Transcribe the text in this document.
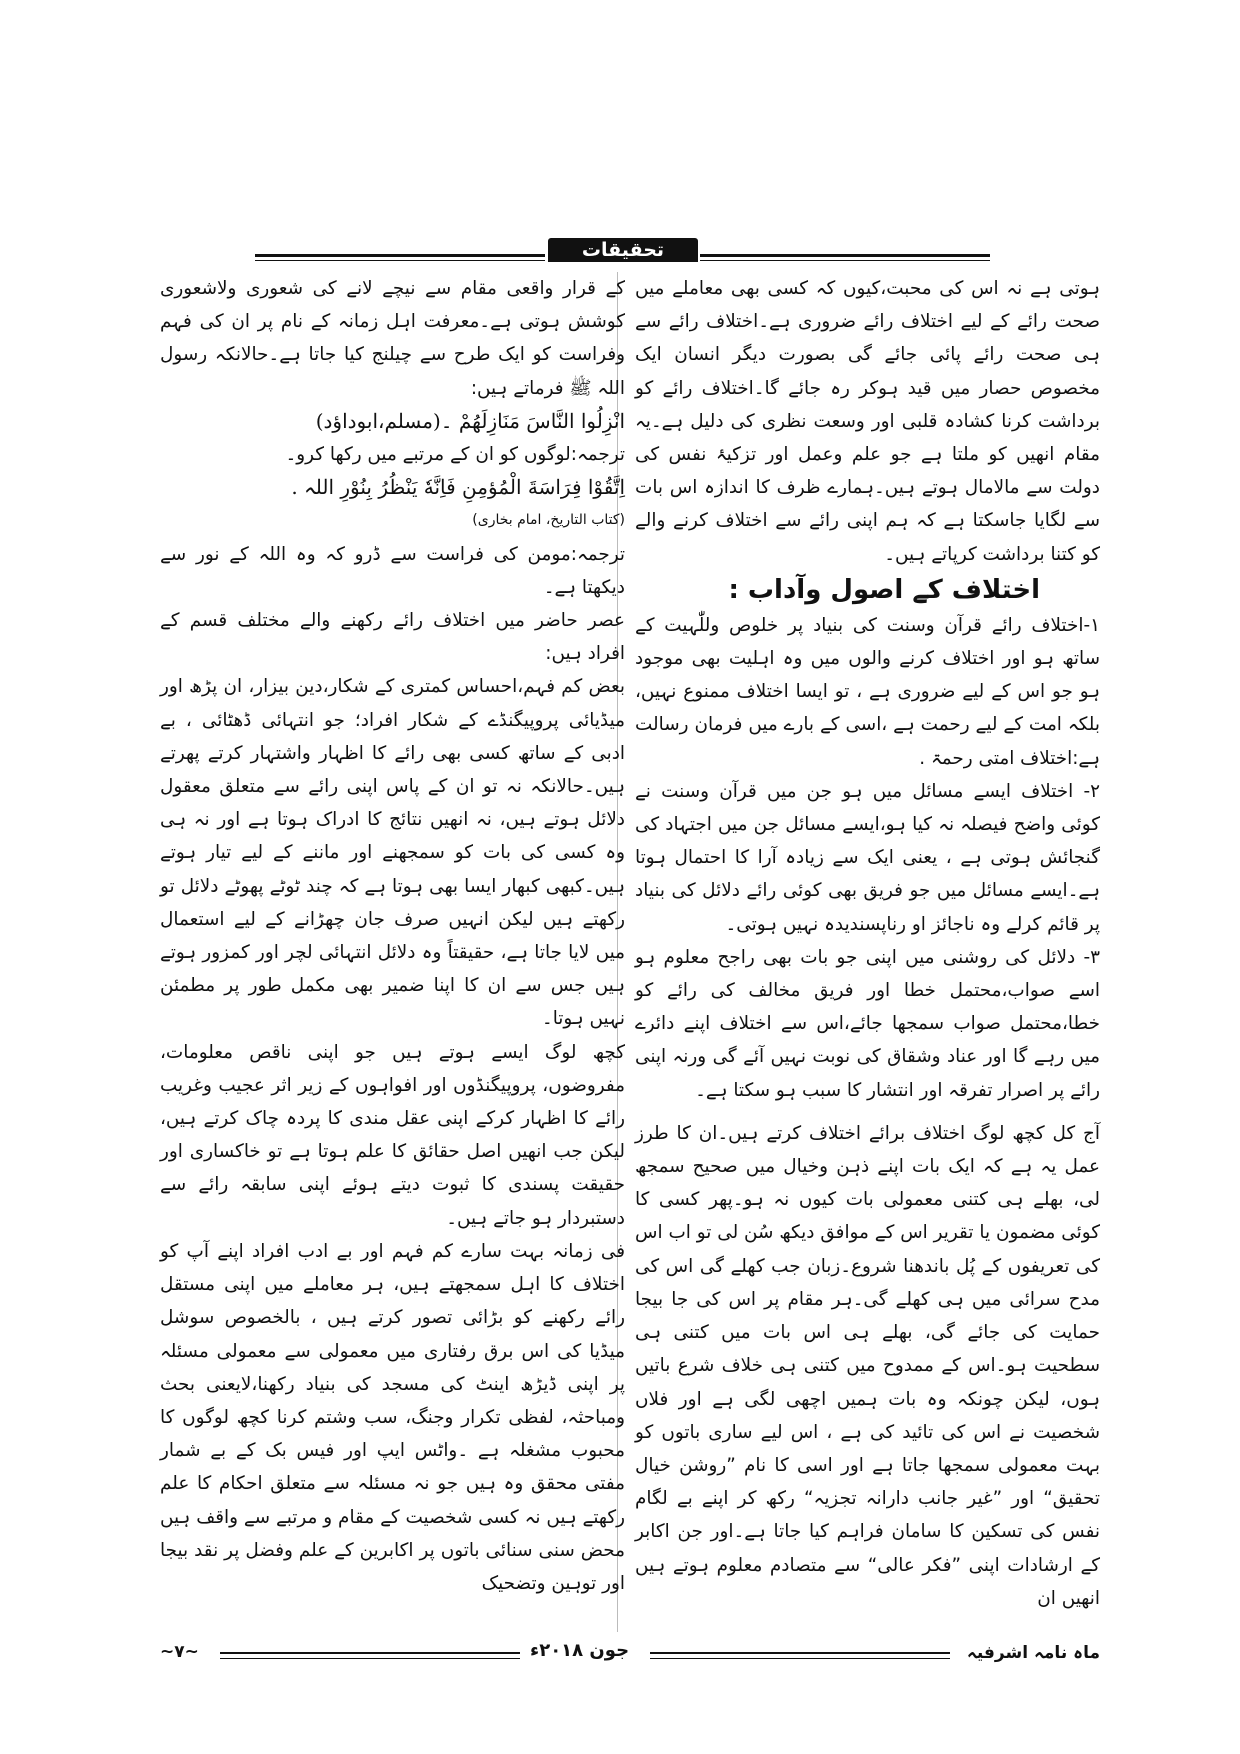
تحقیقات

ہوتی ہے نہ اس کی محبت،کیوں کہ کسی بھی معاملے میں صحت رائے کے لیے اختلاف رائے ضروری ہے۔اختلاف رائے سے ہی صحت رائے پائی جائے گی بصورت دیگر انسان ایک مخصوص حصار میں قید ہوکر رہ جائے گا۔اختلاف رائے کو برداشت کرنا کشادہ قلبی اور وسعت نظری کی دلیل ہے۔یہ مقام انھیں کو ملتا ہے جو علم وعمل اور تزکیۂ نفس کی دولت سے مالامال ہوتے ہیں۔ہمارے ظرف کا اندازہ اس بات سے لگایا جاسکتا ہے کہ ہم اپنی رائے سے اختلاف کرنے والے کو کتنا برداشت کرپاتے ہیں۔

اختلاف کے اصول وآداب :

۱-اختلاف رائے قرآن وسنت کی بنیاد پر خلوص وللّٰہیت کے ساتھ ہو اور اختلاف کرنے والوں میں وہ اہلیت بھی موجود ہو جو اس کے لیے ضروری ہے ، تو ایسا اختلاف ممنوع نہیں، بلکہ امت کے لیے رحمت ہے ،اسی کے بارے میں فرمان رسالت ہے:اختلاف امتی رحمۃ .

۲- اختلاف ایسے مسائل میں ہو جن میں قرآن وسنت نے کوئی واضح فیصلہ نہ کیا ہو،ایسے مسائل جن میں اجتہاد کی گنجائش ہوتی ہے ، یعنی ایک سے زیادہ آرا کا احتمال ہوتا ہے۔ایسے مسائل میں جو فریق بھی کوئی رائے دلائل کی بنیاد پر قائم کرلے وہ ناجائز او رناپسندیدہ نہیں ہوتی۔

۳- دلائل کی روشنی میں اپنی جو بات بھی راجح معلوم ہو اسے صواب،محتمل خطا اور فریق مخالف کی رائے کو خطا،محتمل صواب سمجھا جائے،اس سے اختلاف اپنے دائرے میں رہے گا اور عناد وشقاق کی نوبت نہیں آئے گی ورنہ اپنی رائے پر اصرار تفرقہ اور انتشار کا سبب ہو سکتا ہے۔

آج کل کچھ لوگ اختلاف برائے اختلاف کرتے ہیں۔ان کا طرز عمل یہ ہے کہ ایک بات اپنے ذہن وخیال میں صحیح سمجھ لی، بھلے ہی کتنی معمولی بات کیوں نہ ہو۔پھر کسی کا کوئی مضمون یا تقریر اس کے موافق دیکھ سُن لی تو اب اس کی تعریفوں کے پُل باندھنا شروع۔زبان جب کھلے گی اس کی مدح سرائی میں ہی کھلے گی۔ہر مقام پر اس کی جا بیجا حمایت کی جائے گی، بھلے ہی اس بات میں کتنی ہی سطحیت ہو۔اس کے ممدوح میں کتنی ہی خلاف شرع باتیں ہوں، لیکن چونکہ وہ بات ہمیں اچھی لگی ہے اور فلاں شخصیت نے اس کی تائید کی ہے ، اس لیے ساری باتوں کو بہت معمولی سمجھا جاتا ہے اور اسی کا نام ”روشن خیال تحقیق“ اور ”غیر جانب دارانہ تجزیہ“ رکھ کر اپنے بے لگام نفس کی تسکین کا سامان فراہم کیا جاتا ہے۔اور جن اکابر کے ارشادات اپنی ”فکر عالی“ سے متصادم معلوم ہوتے ہیں انھیں ان

کے قرار واقعی مقام سے نیچے لانے کی شعوری ولاشعوری کوشش ہوتی ہے۔معرفت اہل زمانہ کے نام پر ان کی فہم وفراست کو ایک طرح سے چیلنج کیا جاتا ہے۔حالانکہ رسول اللہ ﷺ فرماتے ہیں:

انْزِلُوا النَّاسَ مَنَازِلَهُمْ ۔(مسلم،ابوداؤد)

ترجمہ:لوگوں کو ان کے مرتبے میں رکھا کرو۔

اِتَّقُوْا فِرَاسَةَ الْمُؤمِنِ فَاِنَّهٗ يَنْظُرُ بِنُوْرِ اللہ .

(کتاب التاریخ، امام بخاری)

ترجمہ:مومن کی فراست سے ڈرو کہ وہ اللہ کے نور سے دیکھتا ہے۔

عصر حاضر میں اختلاف رائے رکھنے والے مختلف قسم کے افراد ہیں:

بعض کم فہم،احساس کمتری کے شکار،دین بیزار، ان پڑھ اور میڈیائی پروپیگنڈے کے شکار افراد؛ جو انتہائی ڈھٹائی ، بے ادبی کے ساتھ کسی بھی رائے کا اظہار واشتہار کرتے پھرتے ہیں۔حالانکہ نہ تو ان کے پاس اپنی رائے سے متعلق معقول دلائل ہوتے ہیں، نہ انھیں نتائج کا ادراک ہوتا ہے اور نہ ہی وہ کسی کی بات کو سمجھنے اور ماننے کے لیے تیار ہوتے ہیں۔کبھی کبھار ایسا بھی ہوتا ہے کہ چند ٹوٹے پھوٹے دلائل تو رکھتے ہیں لیکن انہیں صرف جان چھڑانے کے لیے استعمال میں لایا جاتا ہے، حقیقتاً وہ دلائل انتہائی لچر اور کمزور ہوتے ہیں جس سے ان کا اپنا ضمیر بھی مکمل طور پر مطمئن نہیں ہوتا۔

کچھ لوگ ایسے ہوتے ہیں جو اپنی ناقص معلومات، مفروضوں، پروپیگنڈوں اور افواہوں کے زیر اثر عجیب وغریب رائے کا اظہار کرکے اپنی عقل مندی کا پردہ چاک کرتے ہیں، لیکن جب انھیں اصل حقائق کا علم ہوتا ہے تو خاکساری اور حقیقت پسندی کا ثبوت دیتے ہوئے اپنی سابقہ رائے سے دستبردار ہو جاتے ہیں۔

فی زمانہ بہت سارے کم فہم اور بے ادب افراد اپنے آپ کو اختلاف کا اہل سمجھتے ہیں، ہر معاملے میں اپنی مستقل رائے رکھنے کو بڑائی تصور کرتے ہیں ، بالخصوص سوشل میڈیا کی اس برق رفتاری میں معمولی سے معمولی مسئلہ پر اپنی ڈیڑھ اینٹ کی مسجد کی بنیاد رکھنا،لایعنی بحث ومباحثہ، لفظی تکرار وجنگ، سب وشتم کرنا کچھ لوگوں کا محبوب مشغلہ ہے ۔واٹس ایپ اور فیس بک کے بے شمار مفتی محقق وہ ہیں جو نہ مسئلہ سے متعلق احکام کا علم رکھتے ہیں نہ کسی شخصیت کے مقام و مرتبے سے واقف ہیں محض سنی سنائی باتوں پر اکابرین کے علم وفضل پر نقد بیجا اور توہین وتضحیک

ماہ نامہ اشرفیہ
جون ۲۰۱۸ء
~۷~
